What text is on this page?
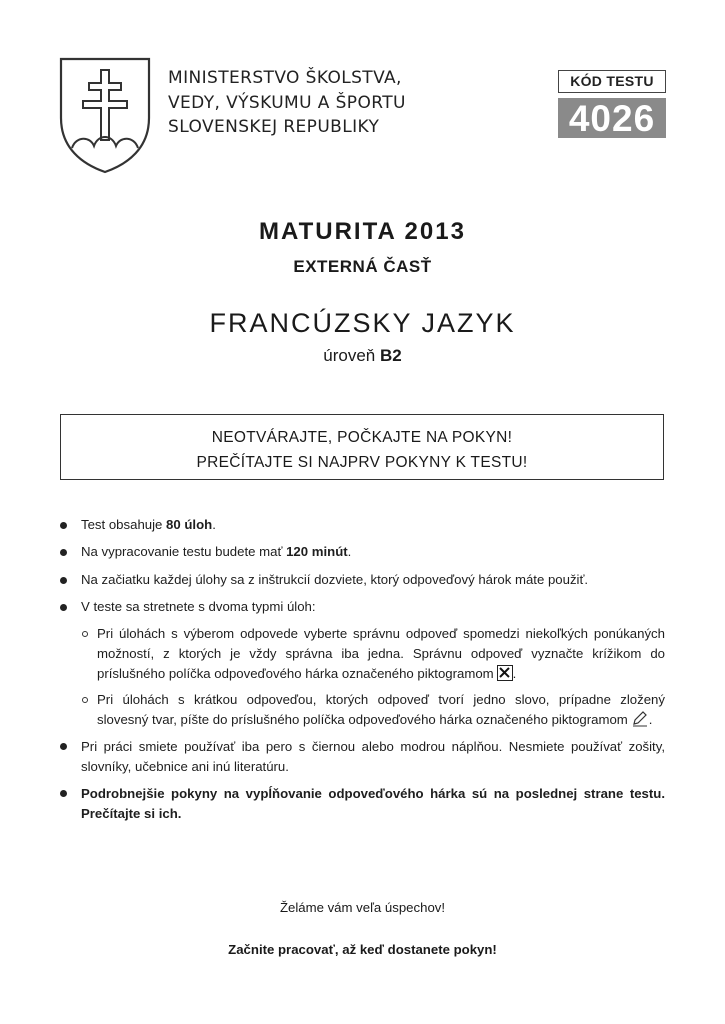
MINISTERSTVO ŠKOLSTVA,
VEDY, VÝSKUMU A ŠPORTU
SLOVENSKEJ REPUBLIKY
KÓD TESTU
4026
MATURITA 2013
EXTERNÁ ČASŤ
FRANCÚZSKY JAZYK
úroveň B2
NEOTVÁRAJTE, POČKAJTE NA POKYN!
PREČÍTAJTE SI NAJPRV POKYNY K TESTU!
Test obsahuje 80 úloh.
Na vypracovanie testu budete mať 120 minút.
Na začiatku každej úlohy sa z inštrukcií dozviete, ktorý odpoveďový hárok máte použiť.
V teste sa stretnete s dvoma typmi úloh:
Pri úlohách s výberom odpovede vyberte správnu odpoveď spomedzi niekoľkých ponúkaných
možností, z ktorých je vždy správna iba jedna. Správnu odpoveď vyznačte krížikom do
príslušného políčka odpoveďového hárka označeného piktogramom .
Pri úlohách s krátkou odpoveďou, ktorých odpoveď tvorí jedno slovo, prípadne zložený
slovesný tvar, píšte do príslušného políčka odpoveďového hárka označeného piktogramom .
Pri práci smiete používať iba pero s čiernou alebo modrou náplňou. Nesmiete používať zošity,
slovníky, učebnice ani inú literatúru.
Podrobnejšie pokyny na vypĺňovanie odpoveďového hárka sú na poslednej strane testu.
Prečítajte si ich.
Želáme vám veľa úspechov!
Začnite pracovať, až keď dostanete pokyn!
